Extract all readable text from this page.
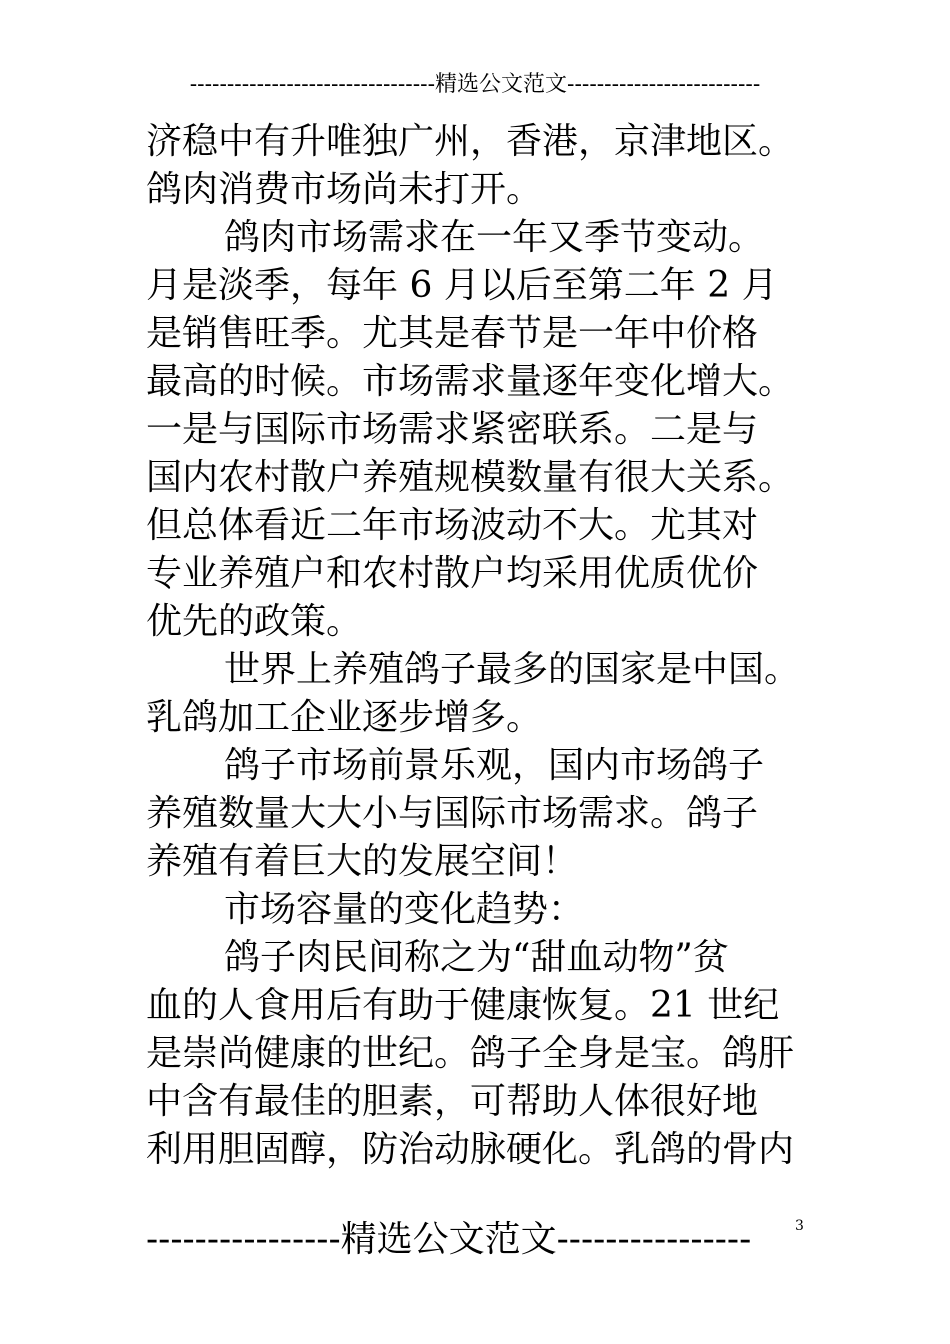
---------------------------------精选公文范文--------------------------
济稳中有升唯独广州，香港，京津地区。
鸽肉消费市场尚未打开。
鸽肉市场需求在一年又季节变动。
月是淡季，每年 6 月以后至第二年 2 月
是销售旺季。尤其是春节是一年中价格
最高的时候。市场需求量逐年变化增大。
一是与国际市场需求紧密联系。二是与
国内农村散户养殖规模数量有很大关系。
但总体看近二年市场波动不大。尤其对
专业养殖户和农村散户均采用优质优价
优先的政策。
世界上养殖鸽子最多的国家是中国。
乳鸽加工企业逐步增多。
鸽子市场前景乐观，国内市场鸽子
养殖数量大大小与国际市场需求。鸽子
养殖有着巨大的发展空间！
市场容量的变化趋势：
鸽子肉民间称之为“甜血动物”贫
血的人食用后有助于健康恢复。21 世纪
是崇尚健康的世纪。鸽子全身是宝。鸽肝
中含有最佳的胆素，可帮助人体很好地
利用胆固醇，防治动脉硬化。乳鸽的骨内
----------------精选公文范文----------------	3
